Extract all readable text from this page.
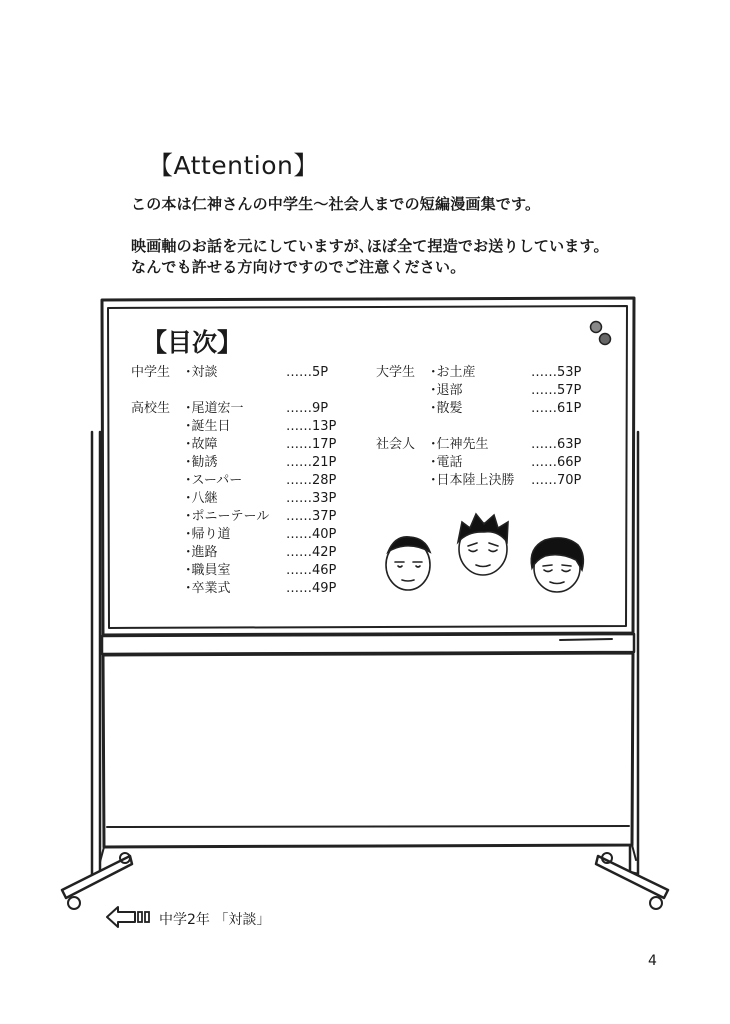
【Attention】
この本は仁神さんの中学生～社会人までの短編漫画集です。
映画軸のお話を元にしていますが､ほぼ全て捏造でお送りしています。
なんでも許せる方向けですのでご注意ください。
【目次】
中学生 ･対談	……5P
高校生 ･尾道宏一	……9P
･誕生日	……13P
･故障	……17P
･勧誘	……21P
･スーパー	……28P
･八継	……33P
･ポニーテール ……37P
･帰り道	……40P
･進路	……42P
･職員室	……46P
･卒業式	……49P
大学生 ･お土産	……53P
･退部	……57P
･散髪	……61P
社会人 ･仁神先生	……63P
･電話	……66P
･日本陸上決勝 ……70P
中学2年 「対談」
4
